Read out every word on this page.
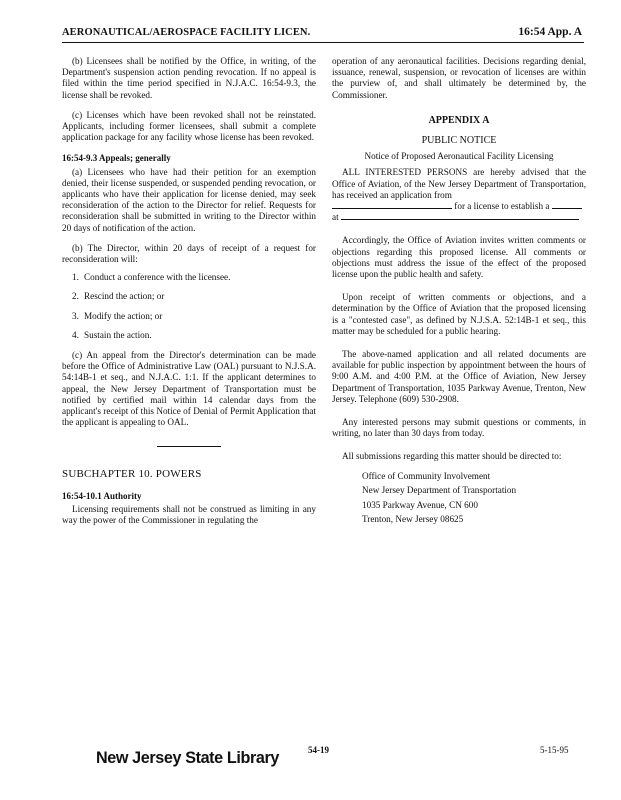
AERONAUTICAL/AEROSPACE FACILITY LICEN.	16:54 App. A

(b) Licensees shall be notified by the Office, in writing, of the Department's suspension action pending revocation. If no appeal is filed within the time period specified in N.J.A.C. 16:54-9.3, the license shall be revoked.

(c) Licenses which have been revoked shall not be reinstated. Applicants, including former licensees, shall submit a complete application package for any facility whose license has been revoked.

16:54-9.3 Appeals; generally

(a) Licensees who have had their petition for an exemption denied, their license suspended, or suspended pending revocation, or applicants who have their application for license denied, may seek reconsideration of the action to the Director for relief. Requests for reconsideration shall be submitted in writing to the Director within 20 days of notification of the action.

(b) The Director, within 20 days of receipt of a request for reconsideration will:

1. Conduct a conference with the licensee.
2. Rescind the action; or
3. Modify the action; or
4. Sustain the action.

(c) An appeal from the Director's determination can be made before the Office of Administrative Law (OAL) pursuant to N.J.S.A. 54:14B-1 et seq., and N.J.A.C. 1:1. If the applicant determines to appeal, the New Jersey Department of Transportation must be notified by certified mail within 14 calendar days from the applicant's receipt of this Notice of Denial of Permit Application that the applicant is appealing to OAL.

SUBCHAPTER 10. POWERS
16:54-10.1 Authority

Licensing requirements shall not be construed as limiting in any way the power of the Commissioner in regulating the

operation of any aeronautical facilities. Decisions regarding denial, issuance, renewal, suspension, or revocation of licenses are within the purview of, and shall ultimately be determined by, the Commissioner.

APPENDIX A
PUBLIC NOTICE
Notice of Proposed Aeronautical Facility Licensing

ALL INTERESTED PERSONS are hereby advised that the Office of Aviation, of the New Jersey Department of Transportation, has received an application from
for a license to establish a

at

Accordingly, the Office of Aviation invites written comments or objections regarding this proposed license. All comments or objections must address the issue of the effect of the proposed license upon the public health and safety.

Upon receipt of written comments or objections, and a determination by the Office of Aviation that the proposed licensing is a "contested case", as defined by N.J.S.A. 52:14B-1 et seq., this matter may be scheduled for a public hearing.

The above-named application and all related documents are available for public inspection by appointment between the hours of 9:00 A.M. and 4:00 P.M. at the Office of Aviation, New Jersey Department of Transportation, 1035 Parkway Avenue, Trenton, New Jersey. Telephone (609) 530-2908.

Any interested persons may submit questions or comments, in writing, no later than 30 days from today.

All submissions regarding this matter should be directed to:

Office of Community Involvement
New Jersey Department of Transportation
1035 Parkway Avenue, CN 600
Trenton, New Jersey 08625
New Jersey State Library	54-19	5-15-95
